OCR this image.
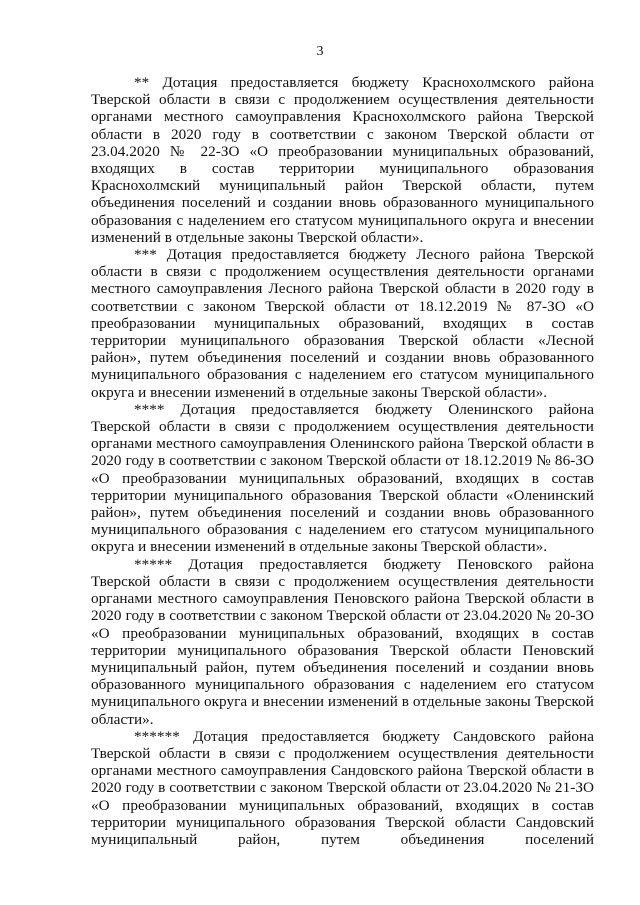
3

** Дотация предоставляется бюджету Краснохолмского района Тверской области в связи с продолжением осуществления деятельности органами местного самоуправления Краснохолмского района Тверской области в 2020 году в соответствии с законом Тверской области от 23.04.2020 № 22-ЗО «О преобразовании муниципальных образований, входящих в состав территории муниципального образования Краснохолмский муниципальный район Тверской области, путем объединения поселений и создании вновь образованного муниципального образования с наделением его статусом муниципального округа и внесении изменений в отдельные законы Тверской области».

*** Дотация предоставляется бюджету Лесного района Тверской области в связи с продолжением осуществления деятельности органами местного самоуправления Лесного района Тверской области в 2020 году в соответствии с законом Тверской области от 18.12.2019 № 87-ЗО «О преобразовании муниципальных образований, входящих в состав территории муниципального образования Тверской области «Лесной район», путем объединения поселений и создании вновь образованного муниципального образования с наделением его статусом муниципального округа и внесении изменений в отдельные законы Тверской области».

**** Дотация предоставляется бюджету Оленинского района Тверской области в связи с продолжением осуществления деятельности органами местного самоуправления Оленинского района Тверской области в 2020 году в соответствии с законом Тверской области от 18.12.2019 № 86-ЗО «О преобразовании муниципальных образований, входящих в состав территории муниципального образования Тверской области «Оленинский район», путем объединения поселений и создании вновь образованного муниципального образования с наделением его статусом муниципального округа и внесении изменений в отдельные законы Тверской области».

***** Дотация предоставляется бюджету Пеновского района Тверской области в связи с продолжением осуществления деятельности органами местного самоуправления Пеновского района Тверской области в 2020 году в соответствии с законом Тверской области от 23.04.2020 № 20-ЗО «О преобразовании муниципальных образований, входящих в состав территории муниципального образования Тверской области Пеновский муниципальный район, путем объединения поселений и создании вновь образованного муниципального образования с наделением его статусом муниципального округа и внесении изменений в отдельные законы Тверской области».

****** Дотация предоставляется бюджету Сандовского района Тверской области в связи с продолжением осуществления деятельности органами местного самоуправления Сандовского района Тверской области в 2020 году в соответствии с законом Тверской области от 23.04.2020 № 21-ЗО «О преобразовании муниципальных образований, входящих в состав территории муниципального образования Тверской области Сандовский муниципальный район, путем объединения поселений
